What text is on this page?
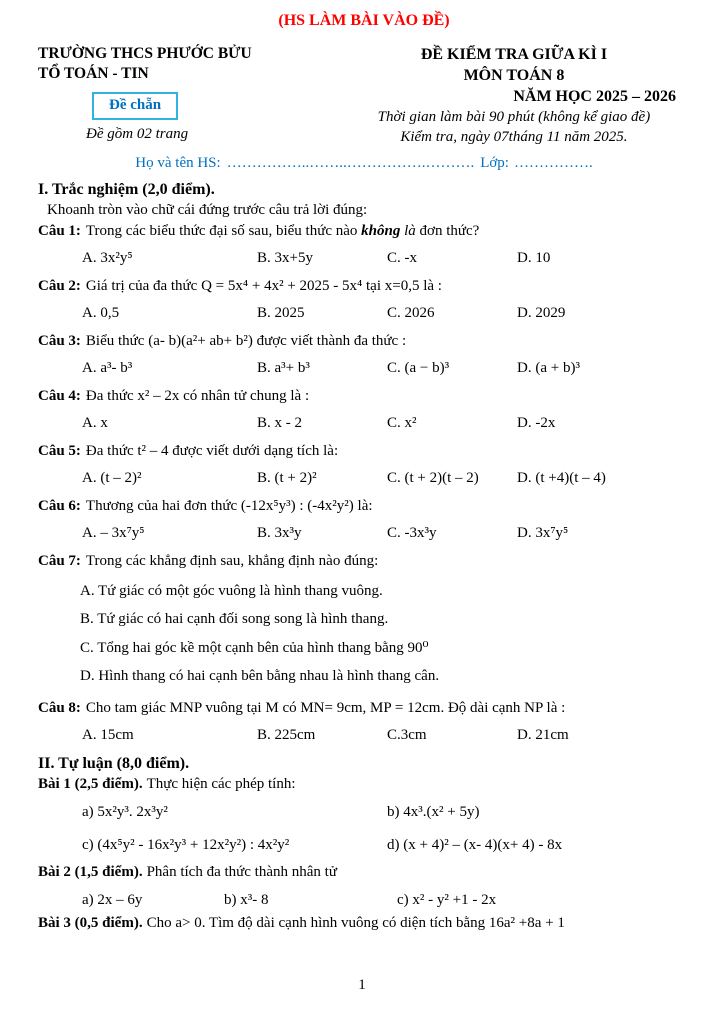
(HS LÀM BÀI VÀO ĐỀ)
TRƯỜNG THCS PHƯỚC BỬU
TỔ TOÁN - TIN
Đề chẵn
Đề gồm 02 trang
ĐỀ KIỂM TRA GIỮA KÌ I
MÔN TOÁN 8
NĂM HỌC 2025 – 2026
Thời gian làm bài 90 phút (không kể giao đề)
Kiểm tra, ngày 07tháng 11 năm 2025.
Họ và tên HS: ……………..……..…………….………. Lớp: …………….
I. Trắc nghiệm (2,0 điểm).
Khoanh tròn vào chữ cái đứng trước câu trả lời đúng:

Câu 1: Trong các biểu thức đại số sau, biểu thức nào không là đơn thức?

A. 3x²y⁵	B. 3x+5y	C. -x	D. 10

Câu 2: Giá trị của đa thức Q = 5x⁴ + 4x² + 2025 - 5x⁴ tại x=0,5 là :

A. 0,5	B. 2025	C. 2026	D. 2029

Câu 3: Biểu thức (a- b)(a²+ ab+ b²) được viết thành đa thức :

A. a³- b³	B. a³+ b³	C. (a − b)³	D. (a + b)³

Câu 4: Đa thức x² – 2x có nhân tử chung là :

A. x	B. x - 2	C. x²	D. -2x

Câu 5: Đa thức t² – 4 được viết dưới dạng tích là:

A. (t – 2)²	B. (t + 2)²	C. (t + 2)(t – 2)	D. (t +4)(t – 4)

Câu 6: Thương của hai đơn thức (-12x⁵y³) : (-4x²y²) là:

A. – 3x⁷y⁵	B. 3x³y	C. -3x³y	D. 3x⁷y⁵

Câu 7: Trong các khẳng định sau, khẳng định nào đúng:

A. Tứ giác có một góc vuông là hình thang vuông.
B. Tứ giác có hai cạnh đối song song là hình thang.
C. Tổng hai góc kề một cạnh bên của hình thang bằng 90⁰
D. Hình thang có hai cạnh bên bằng nhau là hình thang cân.

Câu 8: Cho tam giác MNP vuông tại M có MN= 9cm, MP = 12cm. Độ dài cạnh NP là :

A. 15cm	B. 225cm	C.3cm	D. 21cm
II. Tự luận (8,0 điểm).

Bài 1 (2,5 điểm). Thực hiện các phép tính:

a) 5x²y³. 2x³y²	b) 4x³.(x² + 5y)
c) (4x⁵y² - 16x²y³ + 12x²y²) : 4x²y²	d) (x + 4)² – (x- 4)(x+ 4) - 8x

Bài 2 (1,5 điểm). Phân tích đa thức thành nhân tử

a) 2x – 6y	b) x³- 8	c) x² - y² +1 - 2x

Bài 3 (0,5 điểm). Cho a> 0. Tìm độ dài cạnh hình vuông có diện tích bằng 16a² +8a + 1

1
